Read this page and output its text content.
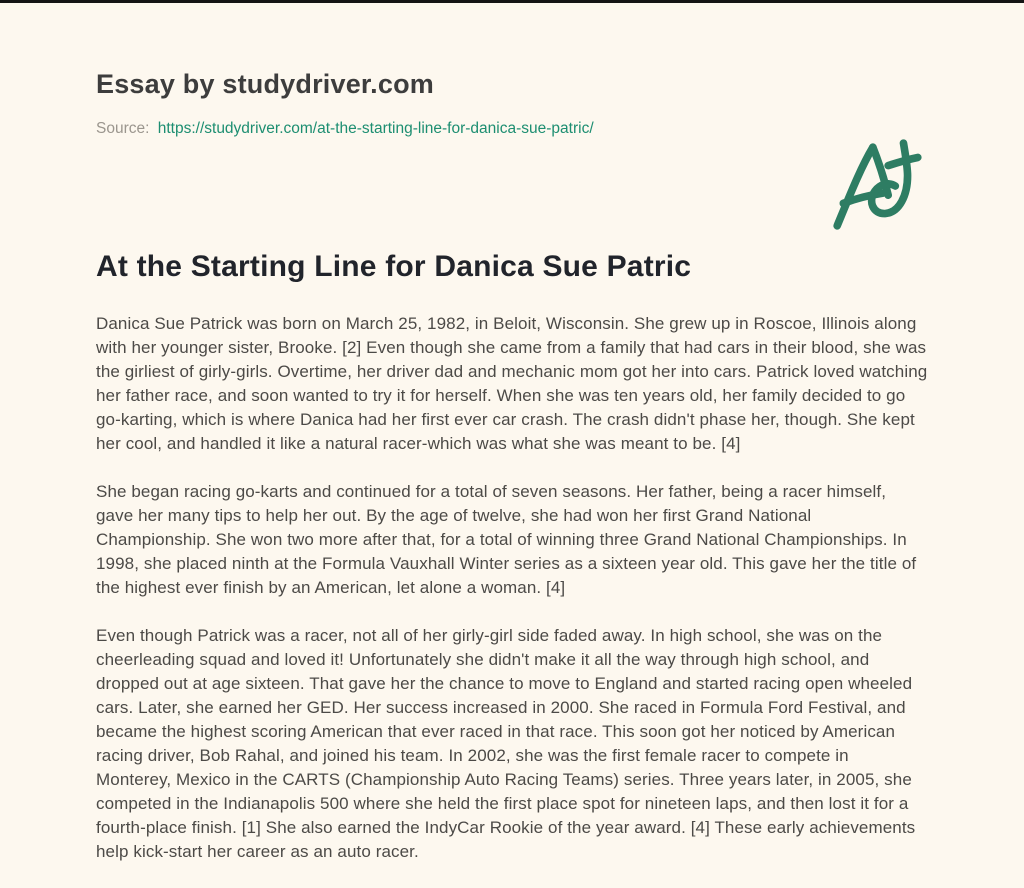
Essay by studydriver.com

Source: https://studydriver.com/at-the-starting-line-for-danica-sue-patric/

At the Starting Line for Danica Sue Patric

Danica Sue Patrick was born on March 25, 1982, in Beloit, Wisconsin. She grew up in Roscoe, Illinois along with her younger sister, Brooke. [2] Even though she came from a family that had cars in their blood, she was the girliest of girly-girls. Overtime, her driver dad and mechanic mom got her into cars. Patrick loved watching her father race, and soon wanted to try it for herself. When she was ten years old, her family decided to go go-karting, which is where Danica had her first ever car crash. The crash didn't phase her, though. She kept her cool, and handled it like a natural racer-which was what she was meant to be. [4]

She began racing go-karts and continued for a total of seven seasons. Her father, being a racer himself, gave her many tips to help her out. By the age of twelve, she had won her first Grand National Championship. She won two more after that, for a total of winning three Grand National Championships. In 1998, she placed ninth at the Formula Vauxhall Winter series as a sixteen year old. This gave her the title of the highest ever finish by an American, let alone a woman. [4]

Even though Patrick was a racer, not all of her girly-girl side faded away. In high school, she was on the cheerleading squad and loved it! Unfortunately she didn't make it all the way through high school, and dropped out at age sixteen. That gave her the chance to move to England and started racing open wheeled cars. Later, she earned her GED. Her success increased in 2000. She raced in Formula Ford Festival, and became the highest scoring American that ever raced in that race. This soon got her noticed by American racing driver, Bob Rahal, and joined his team. In 2002, she was the first female racer to compete in Monterey, Mexico in the CARTS (Championship Auto Racing Teams) series. Three years later, in 2005, she competed in the Indianapolis 500 where she held the first place spot for nineteen laps, and then lost it for a fourth-place finish. [1] She also earned the IndyCar Rookie of the year award. [4] These early achievements help kick-start her career as an auto racer.
